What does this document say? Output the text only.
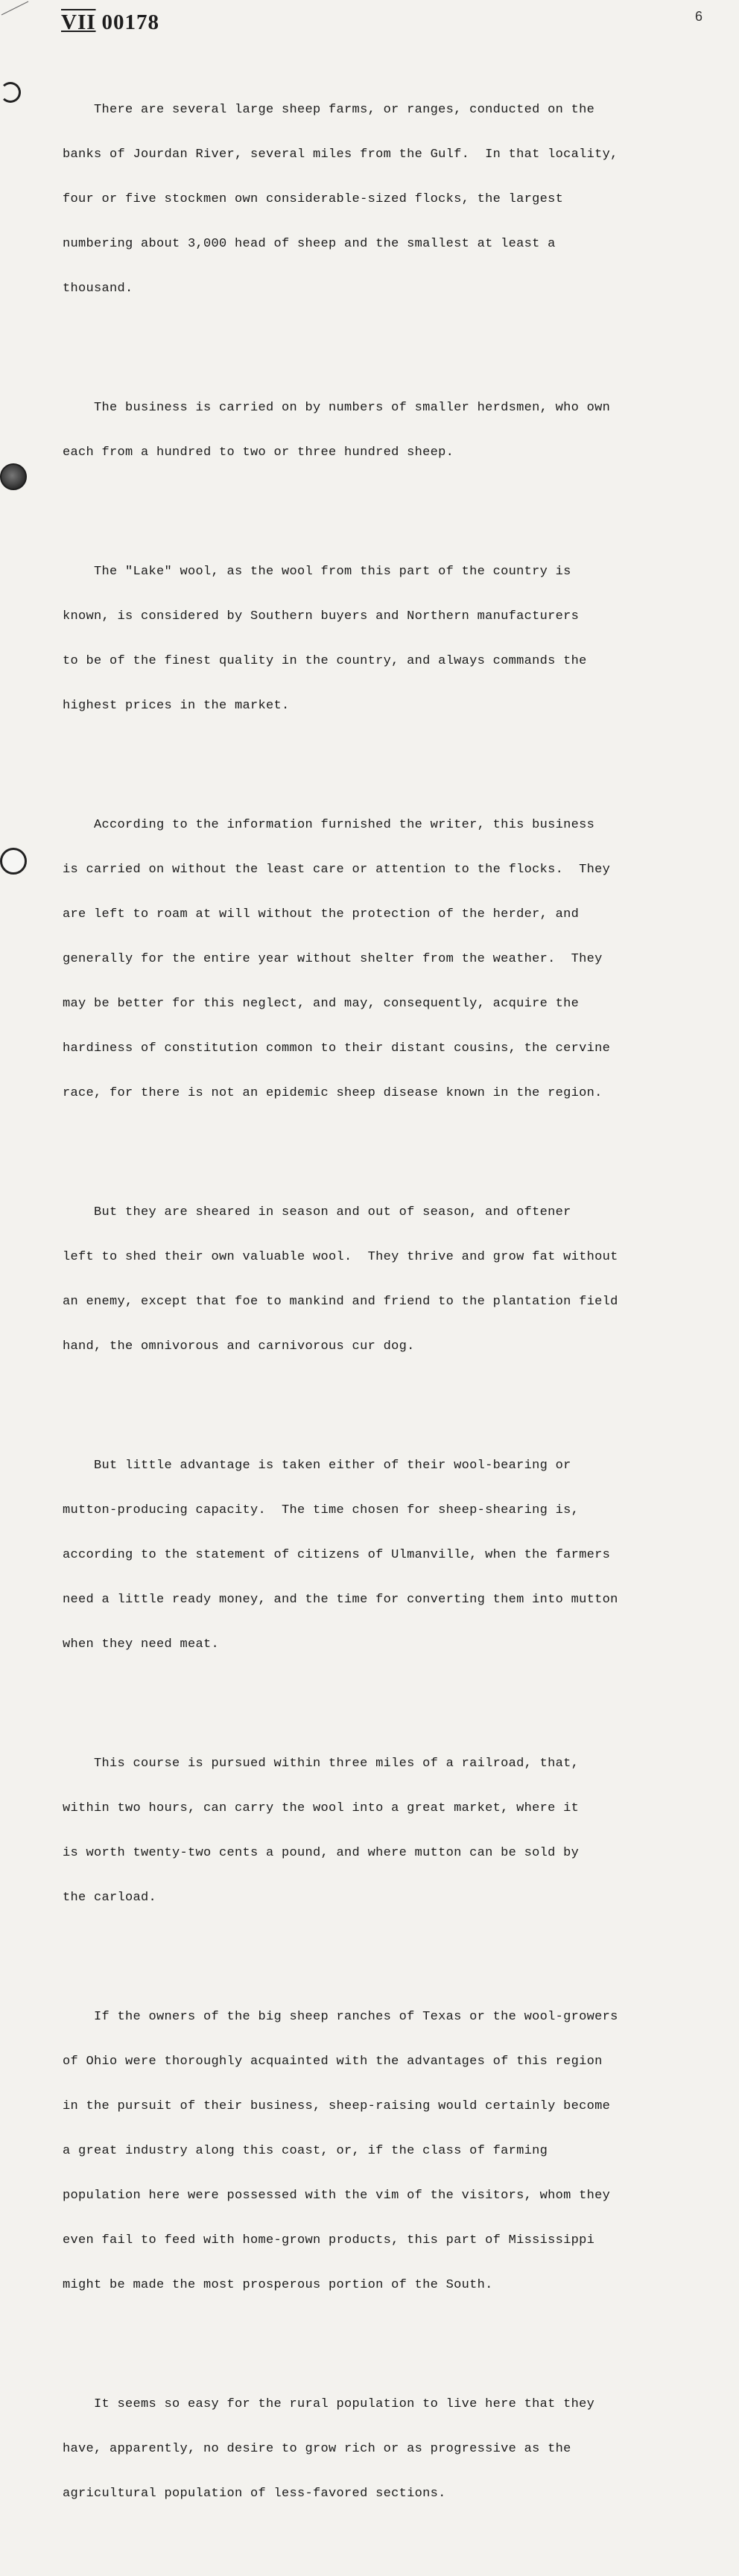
VII 00178	6

There are several large sheep farms, or ranges, conducted on the

banks of Jourdan River, several miles from the Gulf.  In that locality,

four or five stockmen own considerable-sized flocks, the largest

numbering about 3,000 head of sheep and the smallest at least a

thousand.

The business is carried on by numbers of smaller herdsmen, who own

each from a hundred to two or three hundred sheep.

The "Lake" wool, as the wool from this part of the country is

known, is considered by Southern buyers and Northern manufacturers

to be of the finest quality in the country, and always commands the

highest prices in the market.

According to the information furnished the writer, this business

is carried on without the least care or attention to the flocks.  They

are left to roam at will without the protection of the herder, and

generally for the entire year without shelter from the weather.  They

may be better for this neglect, and may, consequently, acquire the

hardiness of constitution common to their distant cousins, the cervine

race, for there is not an epidemic sheep disease known in the region.

But they are sheared in season and out of season, and oftener

left to shed their own valuable wool.  They thrive and grow fat without

an enemy, except that foe to mankind and friend to the plantation field

hand, the omnivorous and carnivorous cur dog.

But little advantage is taken either of their wool-bearing or

mutton-producing capacity.  The time chosen for sheep-shearing is,

according to the statement of citizens of Ulmanville, when the farmers

need a little ready money, and the time for converting them into mutton

when they need meat.

This course is pursued within three miles of a railroad, that,

within two hours, can carry the wool into a great market, where it

is worth twenty-two cents a pound, and where mutton can be sold by

the carload.

If the owners of the big sheep ranches of Texas or the wool-growers

of Ohio were thoroughly acquainted with the advantages of this region

in the pursuit of their business, sheep-raising would certainly become

a great industry along this coast, or, if the class of farming

population here were possessed with the vim of the visitors, whom they

even fail to feed with home-grown products, this part of Mississippi

might be made the most prosperous portion of the South.

It seems so easy for the rural population to live here that they

have, apparently, no desire to grow rich or as progressive as the

agricultural population of less-favored sections.
